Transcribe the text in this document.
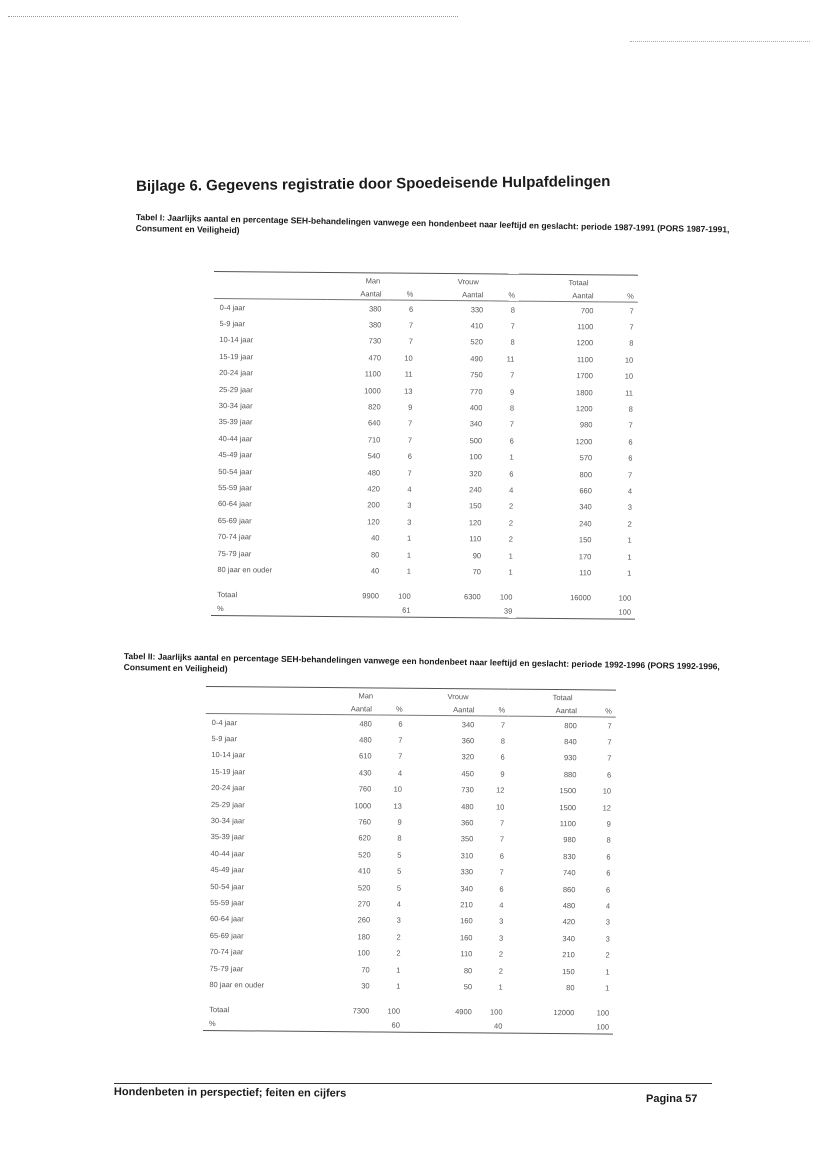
Bijlage 6. Gegevens registratie door Spoedeisende Hulpafdelingen

Tabel I: Jaarlijks aantal en percentage SEH-behandelingen vanwege een hondenbeet naar leeftijd en geslacht: periode 1987-1991 (PORS 1987-1991, Consument en Veiligheid)

	Man		Vrouw		Totaal	
	Aantal	%	Aantal	%	Aantal	%
0-4 jaar	380	6	330	8	700	7
5-9 jaar	380	7	410	7	1100	7
10-14 jaar	730	7	520	8	1200	8
15-19 jaar	470	10	490	11	1100	10
20-24 jaar	1100	11	750	7	1700	10
25-29 jaar	1000	13	770	9	1800	11
30-34 jaar	820	9	400	8	1200	8
35-39 jaar	640	7	340	7	980	7
40-44 jaar	710	7	500	6	1200	6
45-49 jaar	540	6	100	1	570	6
50-54 jaar	480	7	320	6	800	7
55-59 jaar	420	4	240	4	660	4
60-64 jaar	200	3	150	2	340	3
65-69 jaar	120	3	120	2	240	2
70-74 jaar	40	1	110	2	150	1
75-79 jaar	80	1	90	1	170	1
80 jaar en ouder	40	1	70	1	110	1

Totaal	9900	100	6300	100	16000	100
%		61		39		100

Tabel II: Jaarlijks aantal en percentage SEH-behandelingen vanwege een hondenbeet naar leeftijd en geslacht: periode 1992-1996 (PORS 1992-1996, Consument en Veiligheid)

	Man		Vrouw		Totaal	
	Aantal	%	Aantal	%	Aantal	%
0-4 jaar	480	6	340	7	800	7
5-9 jaar	480	7	360	8	840	7
10-14 jaar	610	7	320	6	930	7
15-19 jaar	430	4	450	9	880	6
20-24 jaar	760	10	730	12	1500	10
25-29 jaar	1000	13	480	10	1500	12
30-34 jaar	760	9	360	7	1100	9
35-39 jaar	620	8	350	7	980	8
40-44 jaar	520	5	310	6	830	6
45-49 jaar	410	5	330	7	740	6
50-54 jaar	520	5	340	6	860	6
55-59 jaar	270	4	210	4	480	4
60-64 jaar	260	3	160	3	420	3
65-69 jaar	180	2	160	3	340	3
70-74 jaar	100	2	110	2	210	2
75-79 jaar	70	1	80	2	150	1
80 jaar en ouder	30	1	50	1	80	1

Totaal	7300	100	4900	100	12000	100
%		60		40		100

Hondenbeten in perspectief; feiten en cijfers	Pagina 57
